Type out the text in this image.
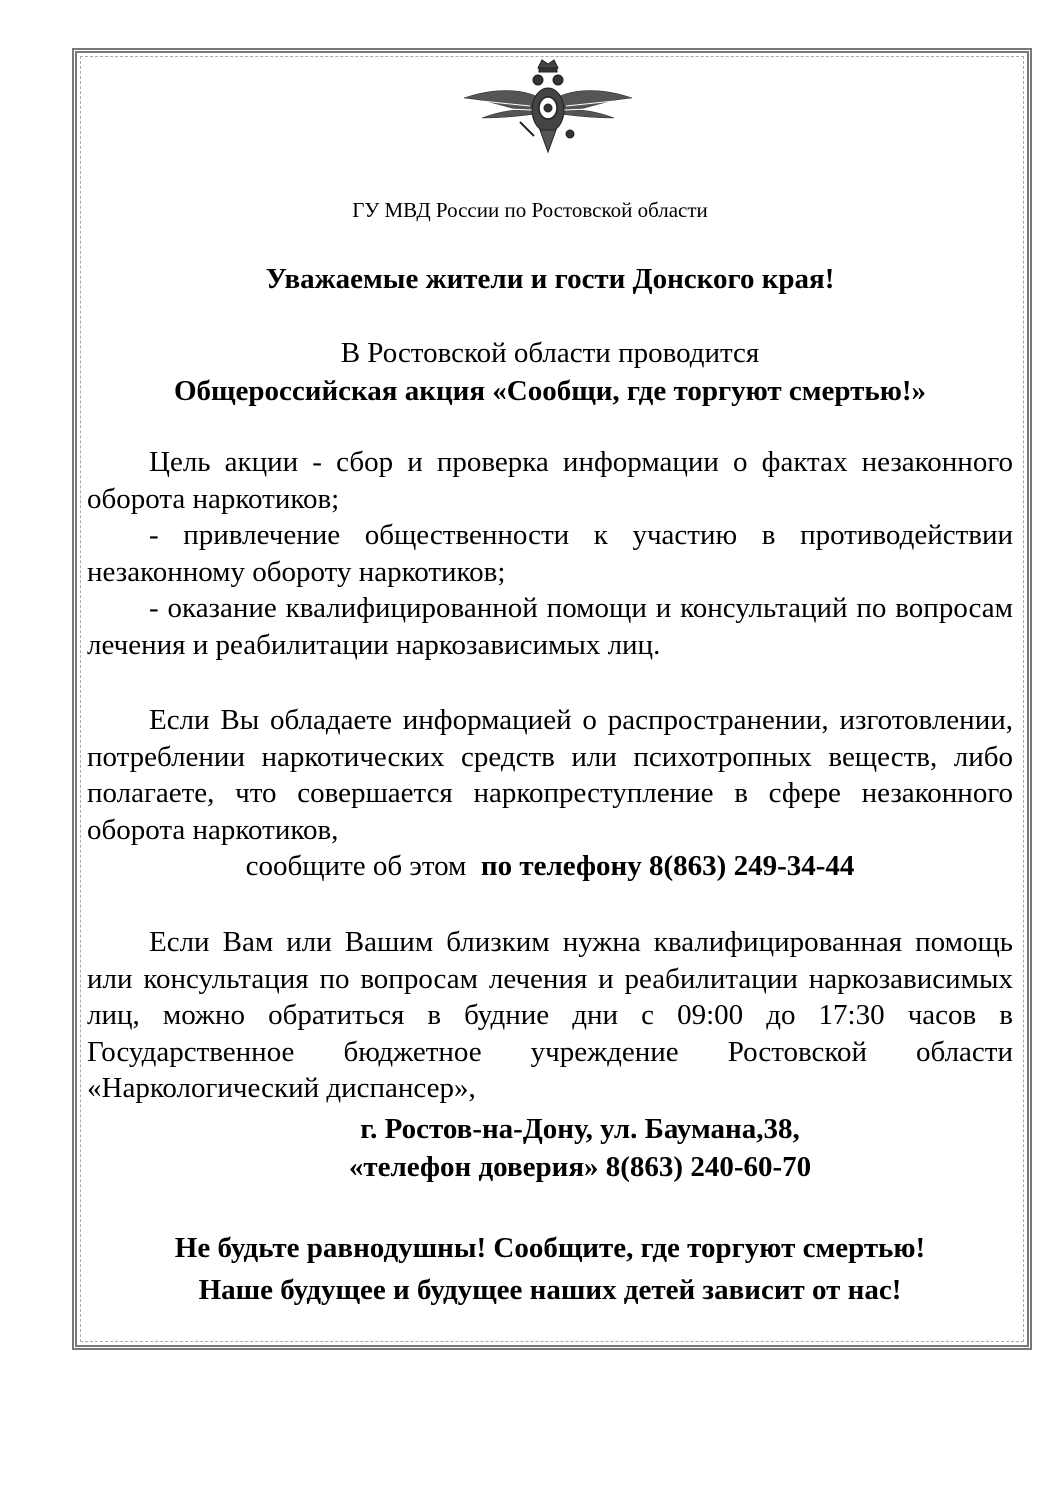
ГУ МВД России по Ростовской области
Уважаемые жители и гости Донского края!
В Ростовской области проводится
Общероссийская акция «Сообщи, где торгуют смертью!»

Цель акции - сбор и проверка информации о фактах незаконного оборота наркотиков;

- привлечение общественности к участию в противодействии незаконному обороту наркотиков;

- оказание квалифицированной помощи и консультаций по вопросам лечения и реабилитации наркозависимых лиц.

Если Вы обладаете информацией о распространении, изготовлении, потреблении наркотических средств или психотропных веществ, либо полагаете, что совершается наркопреступление в сфере незаконного оборота наркотиков,

сообщите об этом по телефону 8(863) 249-34-44

Если Вам или Вашим близким нужна квалифицированная помощь или консультация по вопросам лечения и реабилитации наркозависимых лиц, можно обратиться в будние дни с 09:00 до 17:30 часов в Государственное бюджетное учреждение Ростовской области «Наркологический диспансер»,

г. Ростов-на-Дону, ул. Баумана,38,
«телефон доверия» 8(863) 240-60-70
Не будьте равнодушны! Сообщите, где торгуют смертью!
Наше будущее и будущее наших детей зависит от нас!
